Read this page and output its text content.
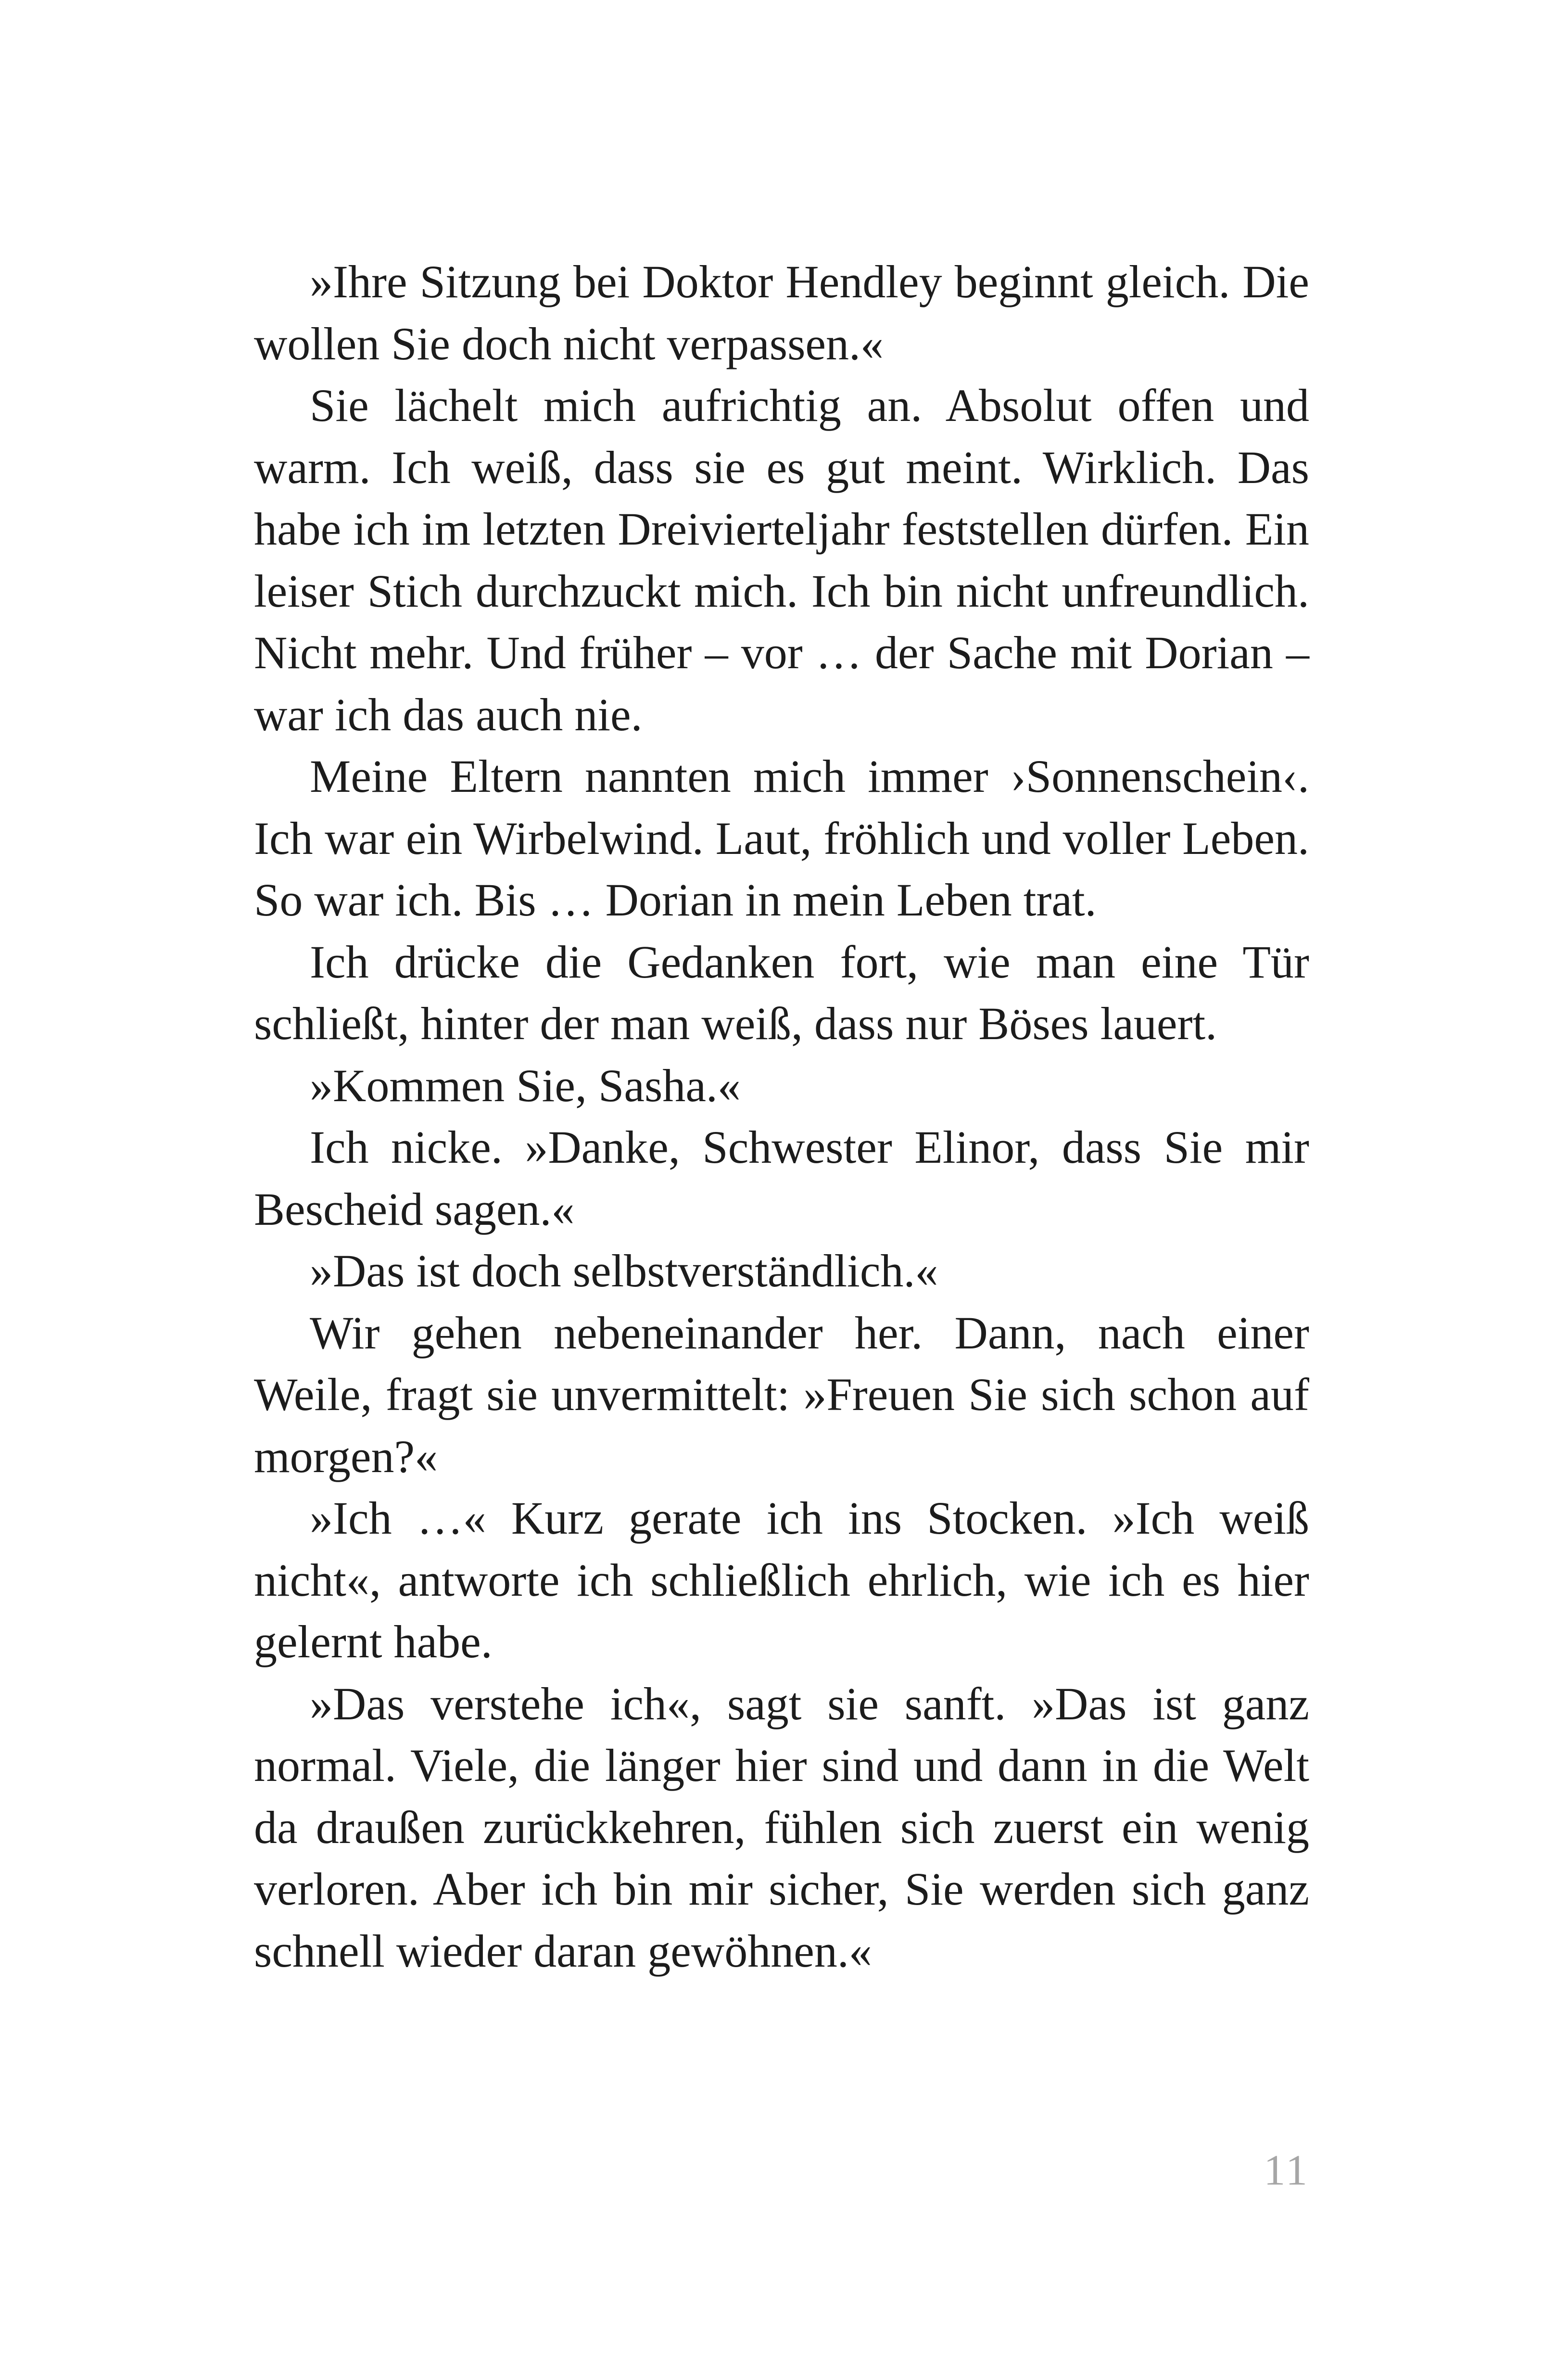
»Ihre Sitzung bei Doktor Hendley beginnt gleich. Die wollen Sie doch nicht verpassen.«

Sie lächelt mich aufrichtig an. Absolut offen und warm. Ich weiß, dass sie es gut meint. Wirklich. Das habe ich im letzten Dreivierteljahr feststellen dürfen. Ein leiser Stich durchzuckt mich. Ich bin nicht unfreundlich. Nicht mehr. Und früher – vor … der Sache mit Dorian – war ich das auch nie.

Meine Eltern nannten mich immer ›Sonnenschein‹. Ich war ein Wirbelwind. Laut, fröhlich und voller Leben. So war ich. Bis … Dorian in mein Leben trat.

Ich drücke die Gedanken fort, wie man eine Tür schließt, hinter der man weiß, dass nur Böses lauert.

»Kommen Sie, Sasha.«

Ich nicke. »Danke, Schwester Elinor, dass Sie mir Bescheid sagen.«

»Das ist doch selbstverständlich.«

Wir gehen nebeneinander her. Dann, nach einer Weile, fragt sie unvermittelt: »Freuen Sie sich schon auf morgen?«

»Ich …« Kurz gerate ich ins Stocken. »Ich weiß nicht«, antworte ich schließlich ehrlich, wie ich es hier gelernt habe.

»Das verstehe ich«, sagt sie sanft. »Das ist ganz normal. Viele, die länger hier sind und dann in die Welt da draußen zurückkehren, fühlen sich zuerst ein wenig verloren. Aber ich bin mir sicher, Sie werden sich ganz schnell wieder daran gewöhnen.«

11
